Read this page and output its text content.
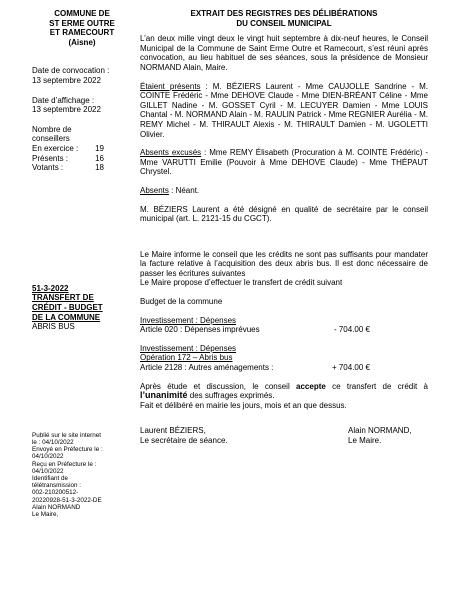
COMMUNE DE
ST ERME OUTRE
ET RAMECOURT
(Aisne)
Date de convocation :
13 septembre 2022
Date d’affichage :
13 septembre 2022
Nombre de
conseillers
En exercice :	19
Présents :	16
Votants :	18
51-3-2022
TRANSFERT DE
CRÉDIT - BUDGET
DE LA COMMUNE
ABRIS BUS
Publié sur le site internet
le : 04/10/2022
Envoyé en Préfecture le :
04/10/2022
Reçu en Préfecture le :
04/10/2022
Identifiant de
télétransmission :
002-210200512-
20220928-51-3-2022-DE
Alain NORMAND
Le Maire,
EXTRAIT DES REGISTRES DES DÉLIBÉRATIONS
DU CONSEIL MUNICIPAL
L’an deux mille vingt deux le vingt huit septembre à dix-neuf heures, le Conseil Municipal de la Commune de Saint Erme Outre et Ramecourt, s’est réuni après convocation, au lieu habituel de ses séances, sous la présidence de Monsieur NORMAND Alain, Maire.
Étaient présents : M. BÉZIERS Laurent - Mme CAUJOLLE Sandrine - M. COINTE Frédéric - Mme DEHOVE Claude - Mme DIEN-BRÉANT Céline - Mme GILLET Nadine - M. GOSSET Cyril - M. LECUYER Damien - Mme LOUIS Chantal - M. NORMAND Alain - M. RAULIN Patrick - Mme REGNIER Aurélia - M. REMY Michel - M. THIRAULT Alexis - M. THIRAULT Damien - M. UGOLETTI Olivier.
Absents excusés : Mme REMY Élisabeth (Procuration à M. COINTE Frédéric) - Mme VARUTTI Emilie (Pouvoir à Mme DEHOVE Claude) - Mme THÉPAUT Chrystel.
Absents : Néant.
M. BÉZIERS Laurent a été désigné en qualité de secrétaire par le conseil municipal (art. L. 2121-15 du CGCT).
Le Maire informe le conseil que les crédits ne sont pas suffisants pour mandater la facture relative à l’acquisition des deux abris bus. Il est donc nécessaire de passer les écritures suivantes
Le Maire propose d’effectuer le transfert de crédit suivant
Budget de la commune
Investissement : Dépenses
Article 020 : Dépenses imprévues	- 704.00 €
Investissement : Dépenses
Opération 172 – Abris bus
Article 2128 : Autres aménagements :	+ 704.00 €
Après étude et discussion, le conseil accepte ce transfert de crédit à l’unanimité des suffrages exprimés.
Fait et délibéré en mairie les jours, mois et an que dessus.
Laurent BÉZIERS,
Le secrétaire de séance.
Alain NORMAND,
Le Maire.
